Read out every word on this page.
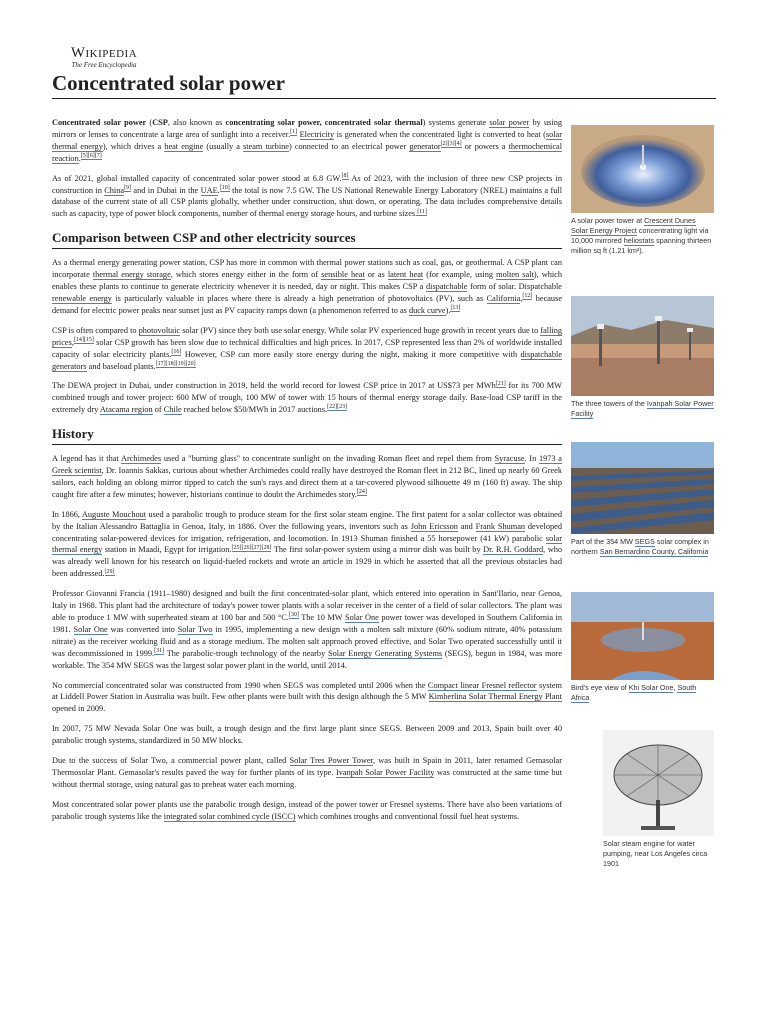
Wikipedia
The Free Encyclopedia
Concentrated solar power

Concentrated solar power (CSP, also known as concentrating solar power, concentrated solar thermal) systems generate solar power by using mirrors or lenses to concentrate a large area of sunlight into a receiver.[1] Electricity is generated when the concentrated light is converted to heat (solar thermal energy), which drives a heat engine (usually a steam turbine) connected to an electrical power generator[2][3][4] or powers a thermochemical reaction.[5][6][7]

As of 2021, global installed capacity of concentrated solar power stood at 6.8 GW.[8] As of 2023, with the inclusion of three new CSP projects in construction in China[9] and in Dubai in the UAE.[10] the total is now 7.5 GW. The US National Renewable Energy Laboratory (NREL) maintains a full database of the current state of all CSP plants globally, whether under construction, shut down, or operating. The data includes comprehensive details such as capacity, type of power block components, number of thermal energy storage hours, and turbine sizes.[11]

Comparison between CSP and other electricity sources

As a thermal energy generating power station, CSP has more in common with thermal power stations such as coal, gas, or geothermal. A CSP plant can incorporate thermal energy storage, which stores energy either in the form of sensible heat or as latent heat (for example, using molten salt), which enables these plants to continue to generate electricity whenever it is needed, day or night. This makes CSP a dispatchable form of solar. Dispatchable renewable energy is particularly valuable in places where there is already a high penetration of photovoltaics (PV), such as California,[12] because demand for electric power peaks near sunset just as PV capacity ramps down (a phenomenon referred to as duck curve).[13]

CSP is often compared to photovoltaic solar (PV) since they both use solar energy. While solar PV experienced huge growth in recent years due to falling prices,[14][15] solar CSP growth has been slow due to technical difficulties and high prices. In 2017, CSP represented less than 2% of worldwide installed capacity of solar electricity plants.[16] However, CSP can more easily store energy during the night, making it more competitive with dispatchable generators and baseload plants.[17][18][19][20]

The DEWA project in Dubai, under construction in 2019, held the world record for lowest CSP price in 2017 at US$73 per MWh[21] for its 700 MW combined trough and tower project: 600 MW of trough, 100 MW of tower with 15 hours of thermal energy storage daily. Base-load CSP tariff in the extremely dry Atacama region of Chile reached below $50/MWh in 2017 auctions.[22][23]

History

A legend has it that Archimedes used a "burning glass" to concentrate sunlight on the invading Roman fleet and repel them from Syracuse. In 1973 a Greek scientist, Dr. Ioannis Sakkas, curious about whether Archimedes could really have destroyed the Roman fleet in 212 BC, lined up nearly 60 Greek sailors, each holding an oblong mirror tipped to catch the sun's rays and direct them at a tar-covered plywood silhouette 49 m (160 ft) away. The ship caught fire after a few minutes; however, historians continue to doubt the Archimedes story.[24]

In 1866, Auguste Mouchout used a parabolic trough to produce steam for the first solar steam engine. The first patent for a solar collector was obtained by the Italian Alessandro Battaglia in Genoa, Italy, in 1886. Over the following years, inventors such as John Ericsson and Frank Shuman developed concentrating solar-powered devices for irrigation, refrigeration, and locomotion. In 1913 Shuman finished a 55 horsepower (41 kW) parabolic solar thermal energy station in Maadi, Egypt for irrigation.[25][26][27][28] The first solar-power system using a mirror dish was built by Dr. R.H. Goddard, who was already well known for his research on liquid-fueled rockets and wrote an article in 1929 in which he asserted that all the previous obstacles had been addressed.[29]

Professor Giovanni Francia (1911–1980) designed and built the first concentrated-solar plant, which entered into operation in Sant'Ilario, near Genoa, Italy in 1968. This plant had the architecture of today's power tower plants with a solar receiver in the center of a field of solar collectors. The plant was able to produce 1 MW with superheated steam at 100 bar and 500 °C.[30] The 10 MW Solar One power tower was developed in Southern California in 1981. Solar One was converted into Solar Two in 1995, implementing a new design with a molten salt mixture (60% sodium nitrate, 40% potassium nitrate) as the receiver working fluid and as a storage medium. The molten salt approach proved effective, and Solar Two operated successfully until it was decommissioned in 1999.[31] The parabolic-trough technology of the nearby Solar Energy Generating Systems (SEGS), begun in 1984, was more workable. The 354 MW SEGS was the largest solar power plant in the world, until 2014.

No commercial concentrated solar was constructed from 1990 when SEGS was completed until 2006 when the Compact linear Fresnel reflector system at Liddell Power Station in Australia was built. Few other plants were built with this design although the 5 MW Kimberlina Solar Thermal Energy Plant opened in 2009.

In 2007, 75 MW Nevada Solar One was built, a trough design and the first large plant since SEGS. Between 2009 and 2013, Spain built over 40 parabolic trough systems, standardized in 50 MW blocks.

Due to the success of Solar Two, a commercial power plant, called Solar Tres Power Tower, was built in Spain in 2011, later renamed Gemasolar Thermosolar Plant. Gemasolar's results paved the way for further plants of its type. Ivanpah Solar Power Facility was constructed at the same time but without thermal storage, using natural gas to preheat water each morning.

Most concentrated solar power plants use the parabolic trough design, instead of the power tower or Fresnel systems. There have also been variations of parabolic trough systems like the integrated solar combined cycle (ISCC) which combines troughs and conventional fossil fuel heat systems.

A solar power tower at Crescent Dunes Solar Energy Project concentrating light via 10,000 mirrored heliostats spanning thirteen million sq ft (1.21 km²).
The three towers of the Ivanpah Solar Power Facility
Part of the 354 MW SEGS solar complex in northern San Bernardino County, California
Bird's eye view of Khi Solar One, South Africa
Solar steam engine for water pumping, near Los Angeles circa 1901
